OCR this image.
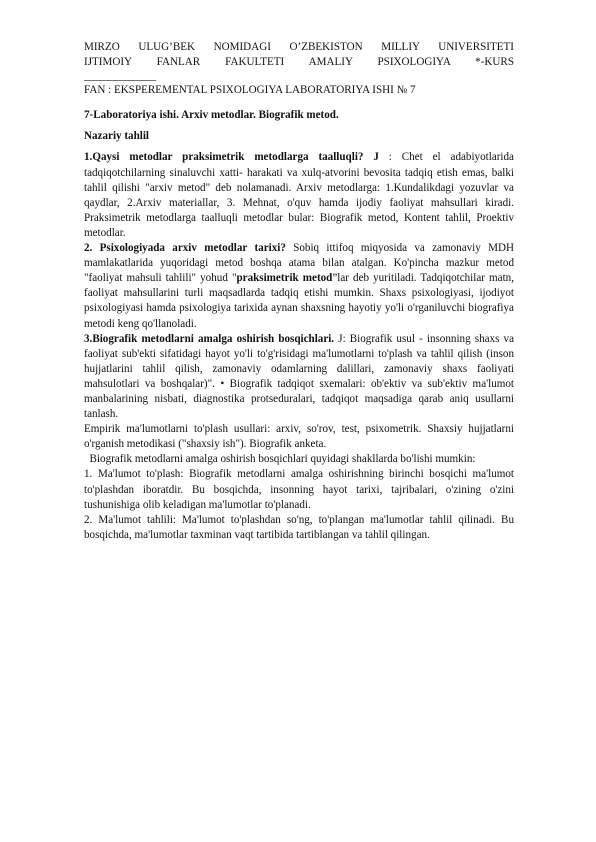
MIRZO ULUG’BEK NOMIDAGI O’ZBEKISTON MILLIY UNIVERSITETI
IJTIMOIY FANLAR FAKULTETI AMALIY PSIXOLOGIYA *-KURS
_____________
FAN : EKSPEREMENTAL PSIXOLOGIYA LABORATORIYA ISHI № 7

7-Laboratoriya ishi. Arxiv metodlar. Biografik metod.

Nazariy tahlil

1.Qaysi metodlar praksimetrik metodlarga taalluqli? J : Chet el adabiyotlarida tadqiqotchilarning sinaluvchi xatti- harakati va xulq-atvorini bevosita tadqiq etish emas, balki tahlil qilishi "arxiv metod" deb nolamanadi. Arxiv metodlarga: 1.Kundalikdagi yozuvlar va qaydlar, 2.Arxiv materiallar, 3. Mehnat, o'quv hamda ijodiy faoliyat mahsullari kiradi. Praksimetrik metodlarga taalluqli metodlar bular: Biografik metod, Kontent tahlil, Proektiv metodlar.

2. Psixologiyada arxiv metodlar tarixi? Sobiq ittifoq miqyosida va zamonaviy MDH mamlakatlarida yuqoridagi metod boshqa atama bilan atalgan. Ko'pincha mazkur metod "faoliyat mahsuli tahlili" yohud "praksimetrik metod”lar deb yuritiladi. Tadqiqotchilar matn, faoliyat mahsullarini turli maqsadlarda tadqiq etishi mumkin. Shaxs psixologiyasi, ijodiyot psixologiyasi hamda psixologiya tarixida aynan shaxsning hayotiy yo'li o'rganiluvchi biografiya metodi keng qo'llanoladi.

3.Biografik metodlarni amalga oshirish bosqichlari. J: Biografik usul - insonning shaxs va faoliyat sub'ekti sifatidagi hayot yo'li to'g'risidagi ma'lumotlarni to'plash va tahlil qilish (inson hujjatlarini tahlil qilish, zamonaviy odamlarning dalillari, zamonaviy shaxs faoliyati mahsulotlari va boshqalar)". • Biografik tadqiqot sxemalari: ob'ektiv va sub'ektiv ma'lumot manbalarining nisbati, diagnostika protseduralari, tadqiqot maqsadiga qarab aniq usullarni tanlash.

Empirik ma'lumotlarni to'plash usullari: arxiv, so'rov, test, psixometrik. Shaxsiy hujjatlarni o'rganish metodikasi ("shaxsiy ish"). Biografik anketa.

Biografik metodlarni amalga oshirish bosqichlari quyidagi shakllarda bo'lishi mumkin:

1. Ma'lumot to'plash: Biografik metodlarni amalga oshirishning birinchi bosqichi ma'lumot to'plashdan iboratdir. Bu bosqichda, insonning hayot tarixi, tajribalari, o'zining o'zini tushunishiga olib keladigan ma'lumotlar to'planadi.

2. Ma'lumot tahlili: Ma'lumot to'plashdan so'ng, to'plangan ma'lumotlar tahlil qilinadi. Bu bosqichda, ma'lumotlar taxminan vaqt tartibida tartiblangan va tahlil qilingan.
